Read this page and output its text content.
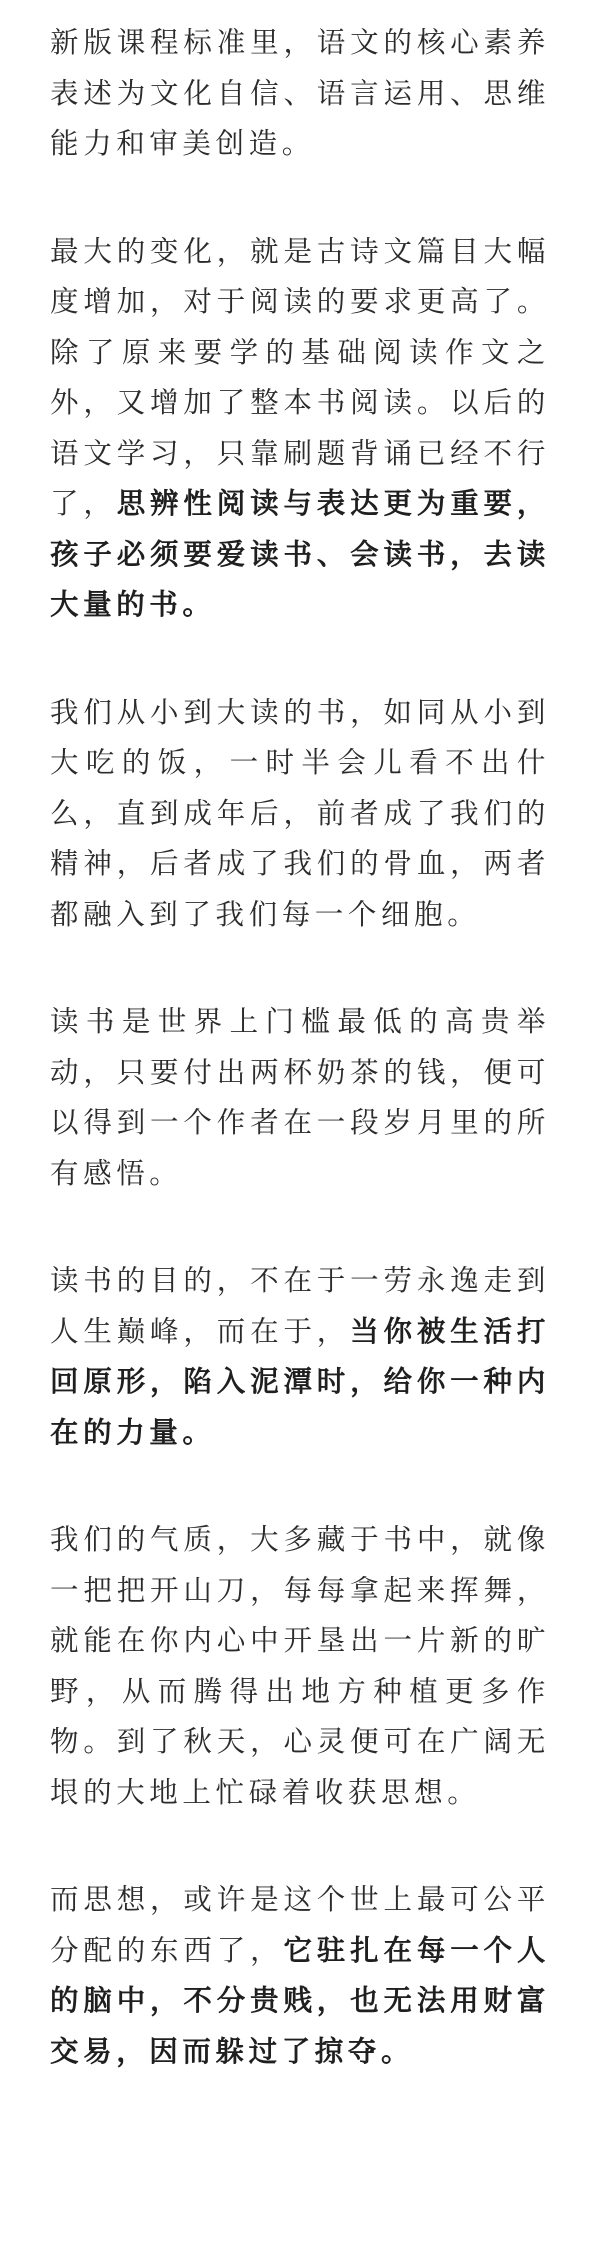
新版课程标准里，语文的核心素养表述为文化自信、语言运用、思维能力和审美创造。

最大的变化，就是古诗文篇目大幅度增加，对于阅读的要求更高了。除了原来要学的基础阅读作文之外，又增加了整本书阅读。以后的语文学习，只靠刷题背诵已经不行了，思辨性阅读与表达更为重要，孩子必须要爱读书、会读书，去读大量的书。

我们从小到大读的书，如同从小到大吃的饭，一时半会儿看不出什么，直到成年后，前者成了我们的精神，后者成了我们的骨血，两者都融入到了我们每一个细胞。

读书是世界上门槛最低的高贵举动，只要付出两杯奶茶的钱，便可以得到一个作者在一段岁月里的所有感悟。

读书的目的，不在于一劳永逸走到人生巅峰，而在于，当你被生活打回原形，陷入泥潭时，给你一种内在的力量。

我们的气质，大多藏于书中，就像一把把开山刀，每每拿起来挥舞，就能在你内心中开垦出一片新的旷野，从而腾得出地方种植更多作物。到了秋天，心灵便可在广阔无垠的大地上忙碌着收获思想。

而思想，或许是这个世上最可公平分配的东西了，它驻扎在每一个人的脑中，不分贵贱，也无法用财富交易，因而躲过了掠夺。
